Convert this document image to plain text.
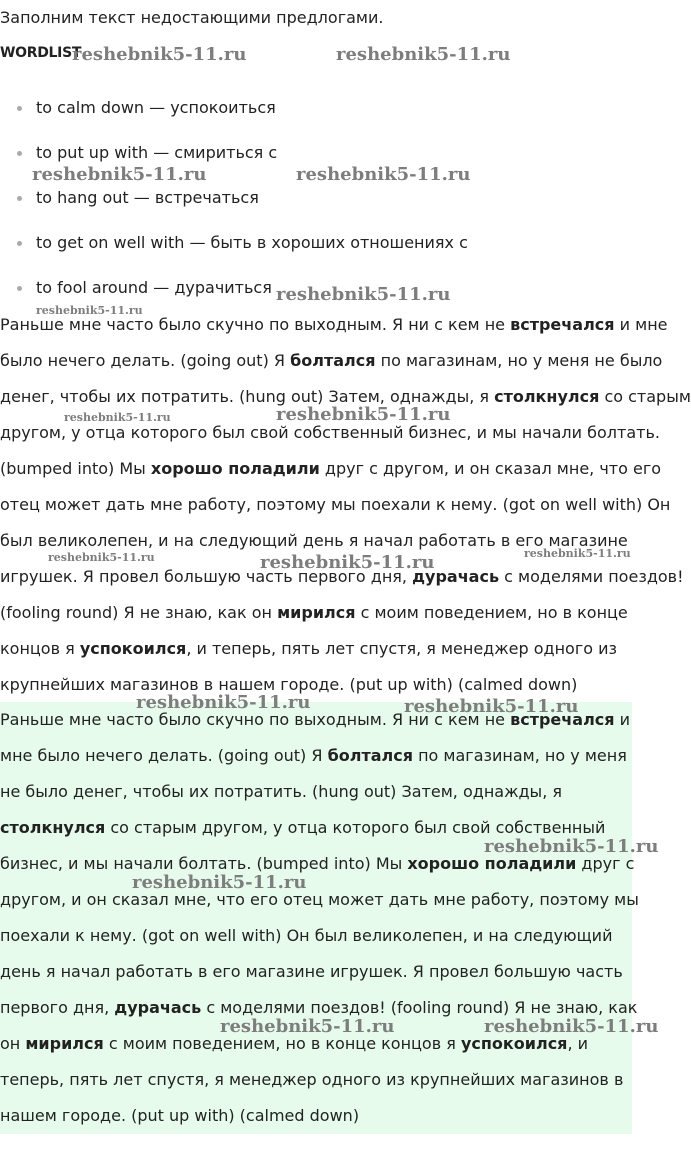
Заполним текст недостающими предлогами.
WORDLIST
to calm down — успокоиться
to put up with — смириться с
to hang out — встречаться
to get on well with — быть в хороших отношениях с
to fool around — дурачиться
Раньше мне часто было скучно по выходным. Я ни с кем не встречался и мне
было нечего делать. (going out) Я болтался по магазинам, но у меня не было
денег, чтобы их потратить. (hung out) Затем, однажды, я столкнулся со старым
другом, у отца которого был свой собственный бизнес, и мы начали болтать.
(bumped into) Мы хорошо поладили друг с другом, и он сказал мне, что его
отец может дать мне работу, поэтому мы поехали к нему. (got on well with) Он
был великолепен, и на следующий день я начал работать в его магазине
игрушек. Я провел большую часть первого дня, дурачась с моделями поездов!
(fooling round) Я не знаю, как он мирился с моим поведением, но в конце
концов я успокоился, и теперь, пять лет спустя, я менеджер одного из
крупнейших магазинов в нашем городе. (put up with) (calmed down)
Раньше мне часто было скучно по выходным. Я ни с кем не встречался и
мне было нечего делать. (going out) Я болтался по магазинам, но у меня
не было денег, чтобы их потратить. (hung out) Затем, однажды, я
столкнулся со старым другом, у отца которого был свой собственный
бизнес, и мы начали болтать. (bumped into) Мы хорошо поладили друг с
другом, и он сказал мне, что его отец может дать мне работу, поэтому мы
поехали к нему. (got on well with) Он был великолепен, и на следующий
день я начал работать в его магазине игрушек. Я провел большую часть
первого дня, дурачась с моделями поездов! (fooling round) Я не знаю, как
он мирился с моим поведением, но в конце концов я успокоился, и
теперь, пять лет спустя, я менеджер одного из крупнейших магазинов в
нашем городе. (put up with) (calmed down)
reshebnik5-11.ru	reshebnik5-11.ru
reshebnik5-11.ru	reshebnik5-11.ru
reshebnik5-11.ru
reshebnik5-11.ru
reshebnik5-11.ru	reshebnik5-11.ru
reshebnik5-11.ru	reshebnik5-11.ru	reshebnik5-11.ru
reshebnik5-11.ru	reshebnik5-11.ru
reshebnik5-11.ru
reshebnik5-11.ru
reshebnik5-11.ru	reshebnik5-11.ru
